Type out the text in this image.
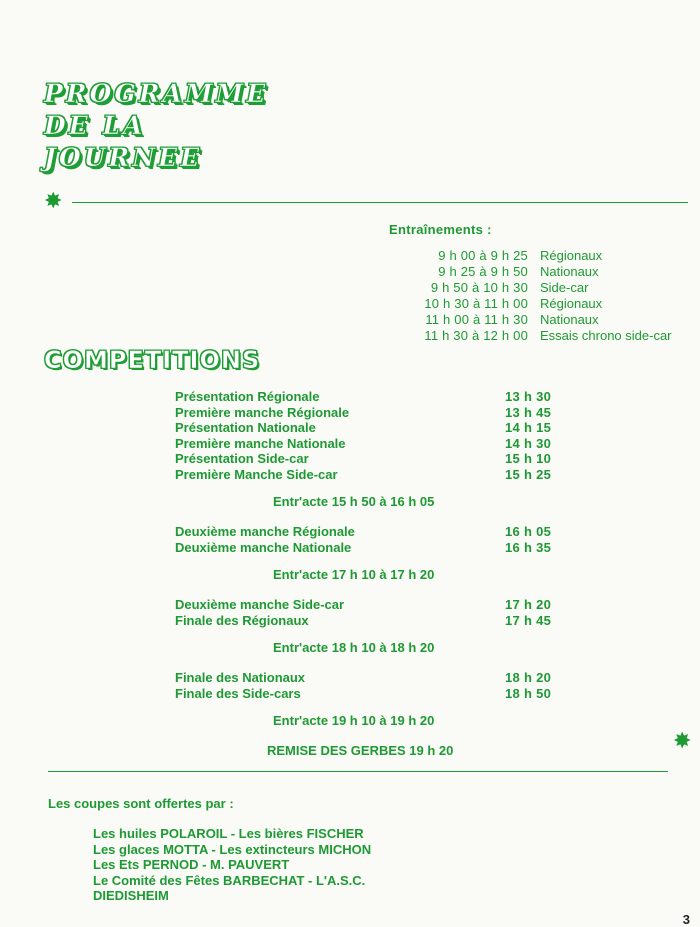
PROGRAMME
DE LA
JOURNEE
✸
Entraînements :
9 h 00 à 9 h 25	Régionaux
9 h 25 à 9 h 50	Nationaux
9 h 50 à 10 h 30	Side-car
10 h 30 à 11 h 00	Régionaux
11 h 00 à 11 h 30	Nationaux
11 h 30 à 12 h 00	Essais chrono side-car
COMPETITIONS
Présentation Régionale	13 h 30
Première manche Régionale	13 h 45
Présentation Nationale	14 h 15
Première manche Nationale	14 h 30
Présentation Side-car	15 h 10
Première Manche Side-car	15 h 25
Entr'acte 15 h 50 à 16 h 05
Deuxième manche Régionale	16 h 05
Deuxième manche Nationale	16 h 35
Entr'acte 17 h 10 à 17 h 20
Deuxième manche Side-car	17 h 20
Finale des Régionaux	17 h 45
Entr'acte 18 h 10 à 18 h 20
Finale des Nationaux	18 h 20
Finale des Side-cars	18 h 50
Entr'acte 19 h 10 à 19 h 20
REMISE DES GERBES 19 h 20	✸
Les coupes sont offertes par :
Les huiles POLAROIL - Les bières FISCHER
Les glaces MOTTA - Les extincteurs MICHON
Les Ets PERNOD - M. PAUVERT
Le Comité des Fêtes BARBECHAT - L'A.S.C.
DIEDISHEIM
3
